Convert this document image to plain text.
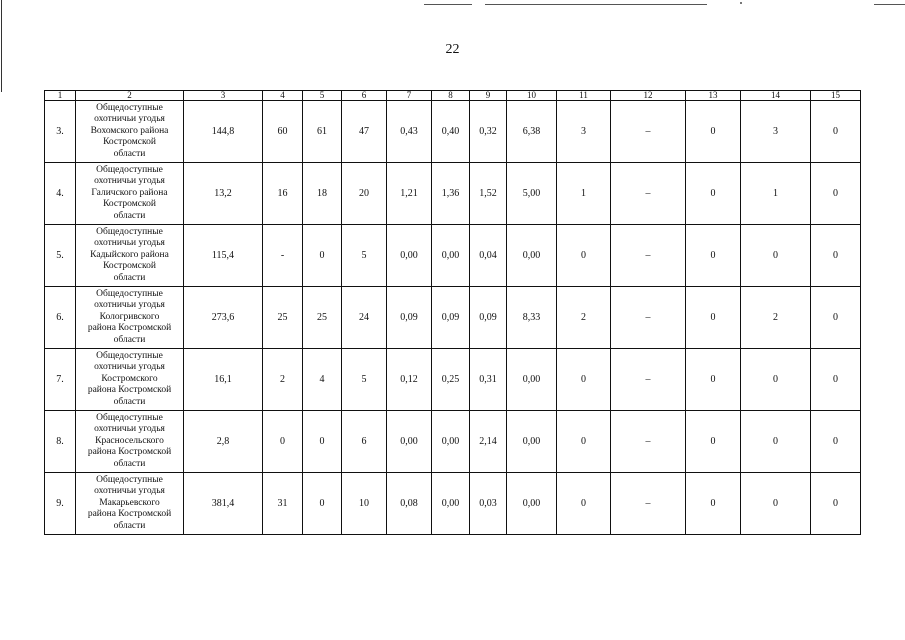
22
1	2	3	4	5	6	7	8	9	10	11	12	13	14	15
3.	Общедоступные
охотничьи угодья
Вохомского района
Костромской
области	144,8	60	61	47	0,43	0,40	0,32	6,38	3	–	0	3	0
4.	Общедоступные
охотничьи угодья
Галичского района
Костромской
области	13,2	16	18	20	1,21	1,36	1,52	5,00	1	–	0	1	0
5.	Общедоступные
охотничьи угодья
Кадыйского района
Костромской
области	115,4	-	0	5	0,00	0,00	0,04	0,00	0	–	0	0	0
6.	Общедоступные
охотничьи угодья
Кологривского
района Костромской
области	273,6	25	25	24	0,09	0,09	0,09	8,33	2	–	0	2	0
7.	Общедоступные
охотничьи угодья
Костромского
района Костромской
области	16,1	2	4	5	0,12	0,25	0,31	0,00	0	–	0	0	0
8.	Общедоступные
охотничьи угодья
Красносельского
района Костромской
области	2,8	0	0	6	0,00	0,00	2,14	0,00	0	–	0	0	0
9.	Общедоступные
охотничьи угодья
Макарьевского
района Костромской
области	381,4	31	0	10	0,08	0,00	0,03	0,00	0	–	0	0	0
